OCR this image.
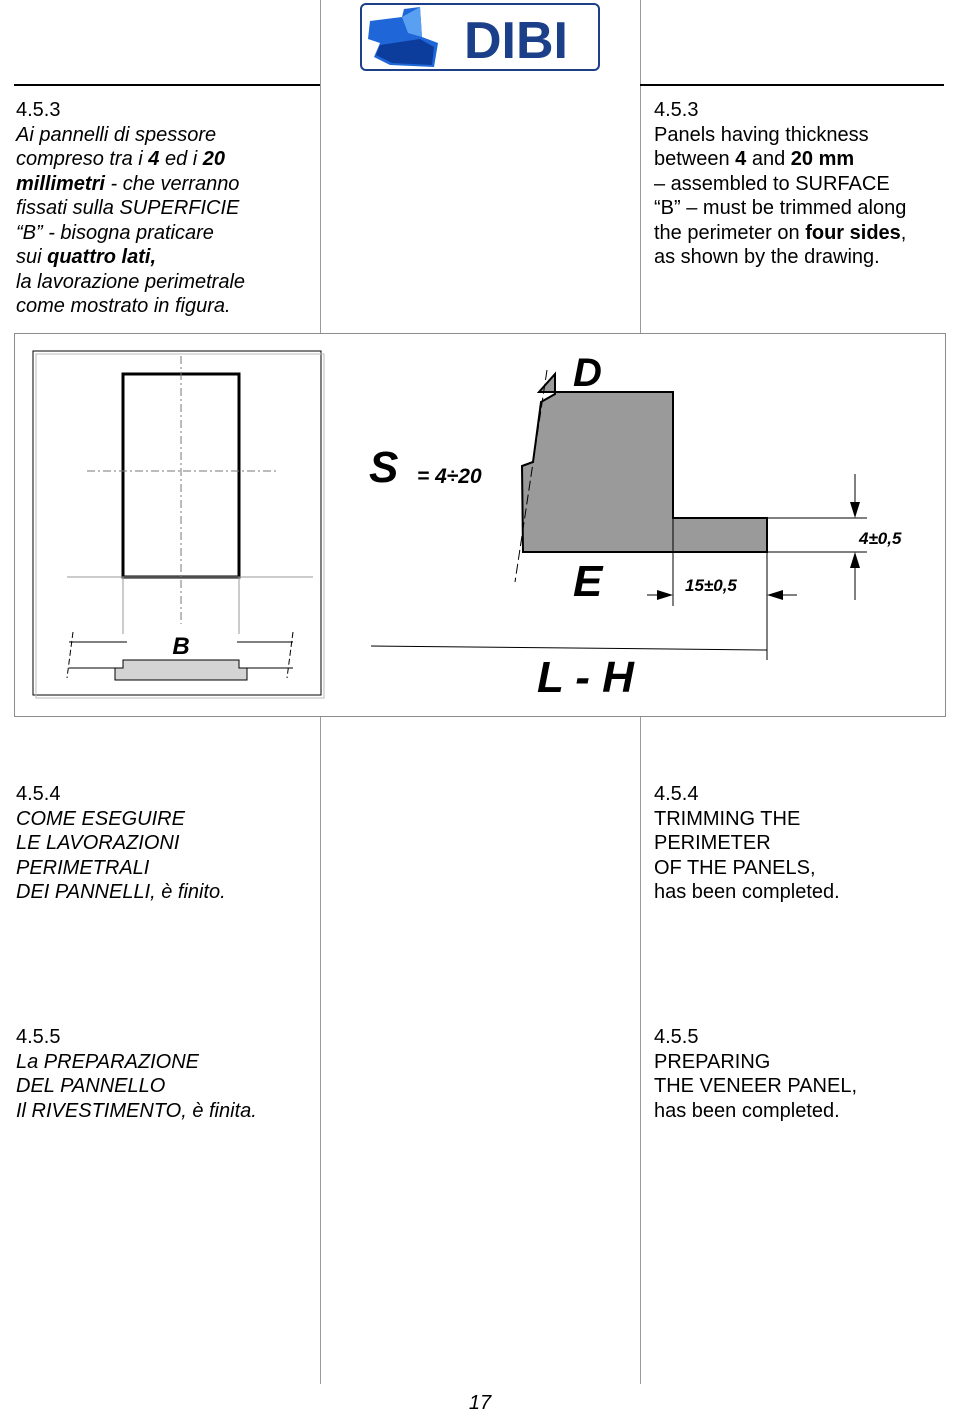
DIBI
4.5.3
Ai pannelli di spessore
compreso tra i 4 ed i 20
millimetri - che verranno
fissati sulla SUPERFICIE
“B” - bisogna praticare
sui quattro lati,
la lavorazione perimetrale
come mostrato in figura.
4.5.3
Panels having thickness
between 4 and 20 mm
– assembled to SURFACE
“B” – must be trimmed along
the perimeter on four sides,
as shown by the drawing.
B
D
S = 4÷20
E
4±0,5
15±0,5
L - H
4.5.4
COME ESEGUIRE
LE LAVORAZIONI
PERIMETRALI
DEI PANNELLI, è finito.
4.5.4
TRIMMING THE
PERIMETER
OF THE PANELS,
has been completed.
4.5.5
La PREPARAZIONE
DEL PANNELLO
Il RIVESTIMENTO, è finita.
4.5.5
PREPARING
THE VENEER PANEL,
has been completed.
17
